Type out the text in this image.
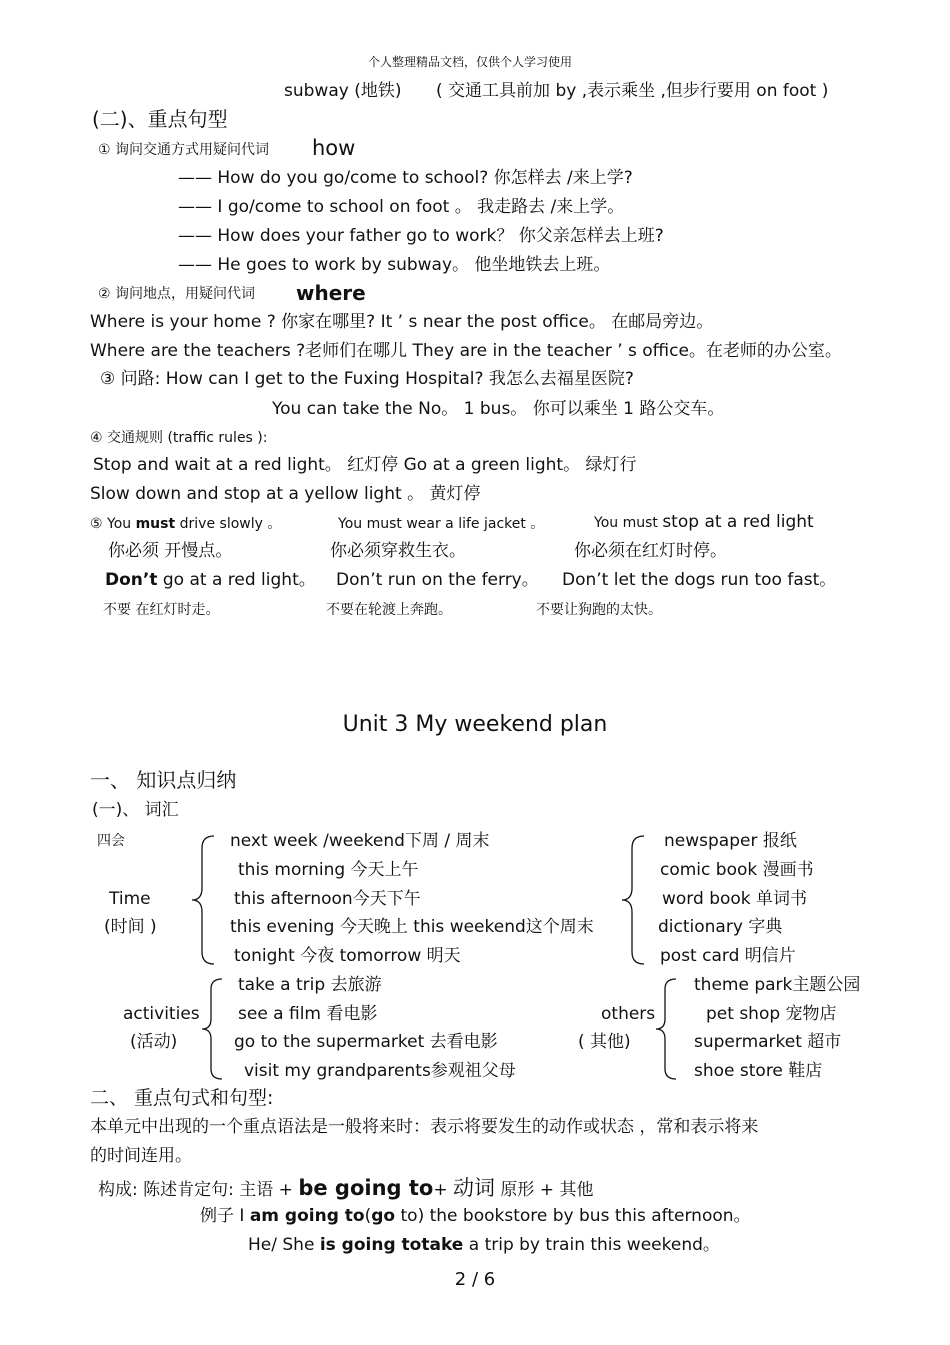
个人整理精品文档，仅供个人学习使用
subway (地铁) ( 交通工具前加 by ,表示乘坐 ,但步行要用 on foot )
(二)、重点句型
① 询问交通方式用疑问代词 how
—— How do you go/come to school? 你怎样去 /来上学?
—— I go/come to school on foot 。 我走路去 /来上学。
—— How does your father go to work？ 你父亲怎样去上班?
—— He goes to work by subway。 他坐地铁去上班。
② 询问地点，用疑问代词 where
Where is your home ? 你家在哪里? It ’ s near the post office。 在邮局旁边。
Where are the teachers ?老师们在哪儿 They are in the teacher ’ s office。在老师的办公室。
③ 问路: How can I get to the Fuxing Hospital? 我怎么去福星医院?
You can take the No。 1 bus。 你可以乘坐 1 路公交车。
④ 交通规则 (traffic rules ):
Stop and wait at a red light。 红灯停 Go at a green light。 绿灯行
Slow down and stop at a yellow light 。 黄灯停
⑤ You must drive slowly 。	You must wear a life jacket 。	You must stop at a red light
你必须 开慢点。	你必须穿救生衣。	你必须在红灯时停。
Don’t go at a red light。 Don’t run on the ferry。 Don’t let the dogs run too fast。
不要 在红灯时走。	不要在轮渡上奔跑。	不要让狗跑的太快。
Unit 3 My weekend plan
一、 知识点归纳
(一)、 词汇
四会
Time
(时间 )
next week /weekend下周 / 周末
this morning 今天上午
this afternoon今天下午
this evening 今天晚上 this weekend这个周末
tonight 今夜 tomorrow 明天
newspaper 报纸
comic book 漫画书
word book 单词书
dictionary 字典
post card 明信片
activities
(活动)
take a trip 去旅游
see a film 看电影
go to the supermarket 去看电影
visit my grandparents参观祖父母
others
( 其他)
theme park主题公园
pet shop 宠物店
supermarket 超市
shoe store 鞋店
二、 重点句式和句型:
本单元中出现的一个重点语法是一般将来时：表示将要发生的动作或状态 ，常和表示将来
的时间连用。
构成: 陈述肯定句: 主语 + be going to+ 动词 原形 + 其他
例子 I am going to(go to) the bookstore by bus this afternoon。
He/ She is going totake a trip by train this weekend。
2 / 6
